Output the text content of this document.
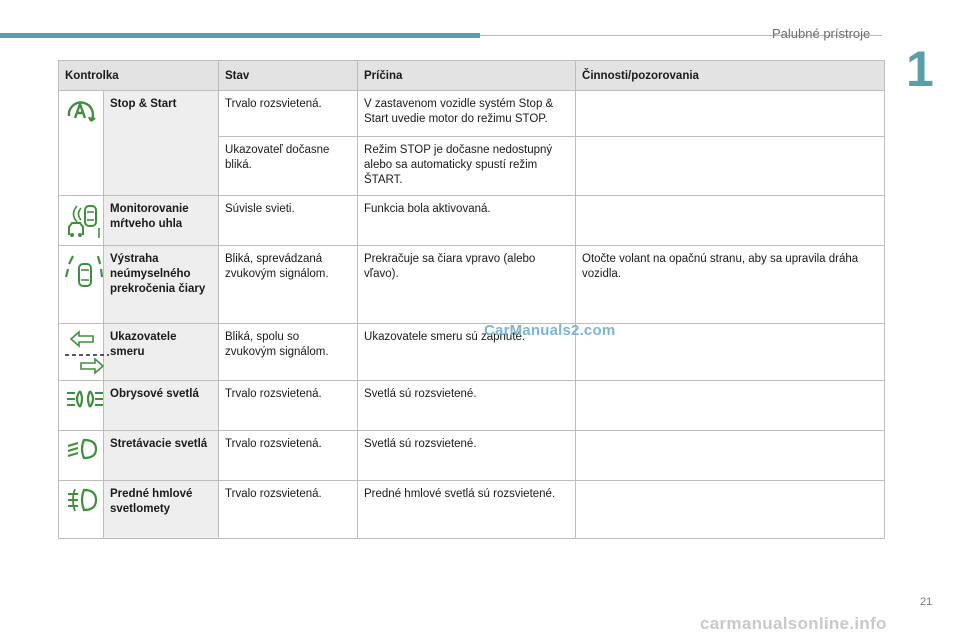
Palubné prístroje
1
Kontrolka		Stav	Príčina	Činnosti/pozorovania

	Stop & Start	Trvalo rozsvietená.	V zastavenom vozidle systém Stop & Start uvedie motor do režimu STOP.	
		Ukazovateľ dočasne bliká.	Režim STOP je dočasne nedostupný alebo sa automaticky spustí režim ŠTART.	

	Monitorovanie mŕtveho uhla	Súvisle svieti.	Funkcia bola aktivovaná.	

	Výstraha neúmyselného prekročenia čiary	Bliká, sprevádzaná zvukovým signálom.	Prekračuje sa čiara vpravo (alebo vľavo).	Otočte volant na opačnú stranu, aby sa upravila dráha vozidla.

	Ukazovatele smeru	Bliká, spolu so zvukovým signálom.	Ukazovatele smeru sú zapnuté.	

	Obrysové svetlá	Trvalo rozsvietená.	Svetlá sú rozsvietené.	

	Stretávacie svetlá	Trvalo rozsvietená.	Svetlá sú rozsvietené.	

	Predné hmlové svetlomety	Trvalo rozsvietená.	Predné hmlové svetlá sú rozsvietené.	
CarManuals2.com
21
carmanualsonline.info
